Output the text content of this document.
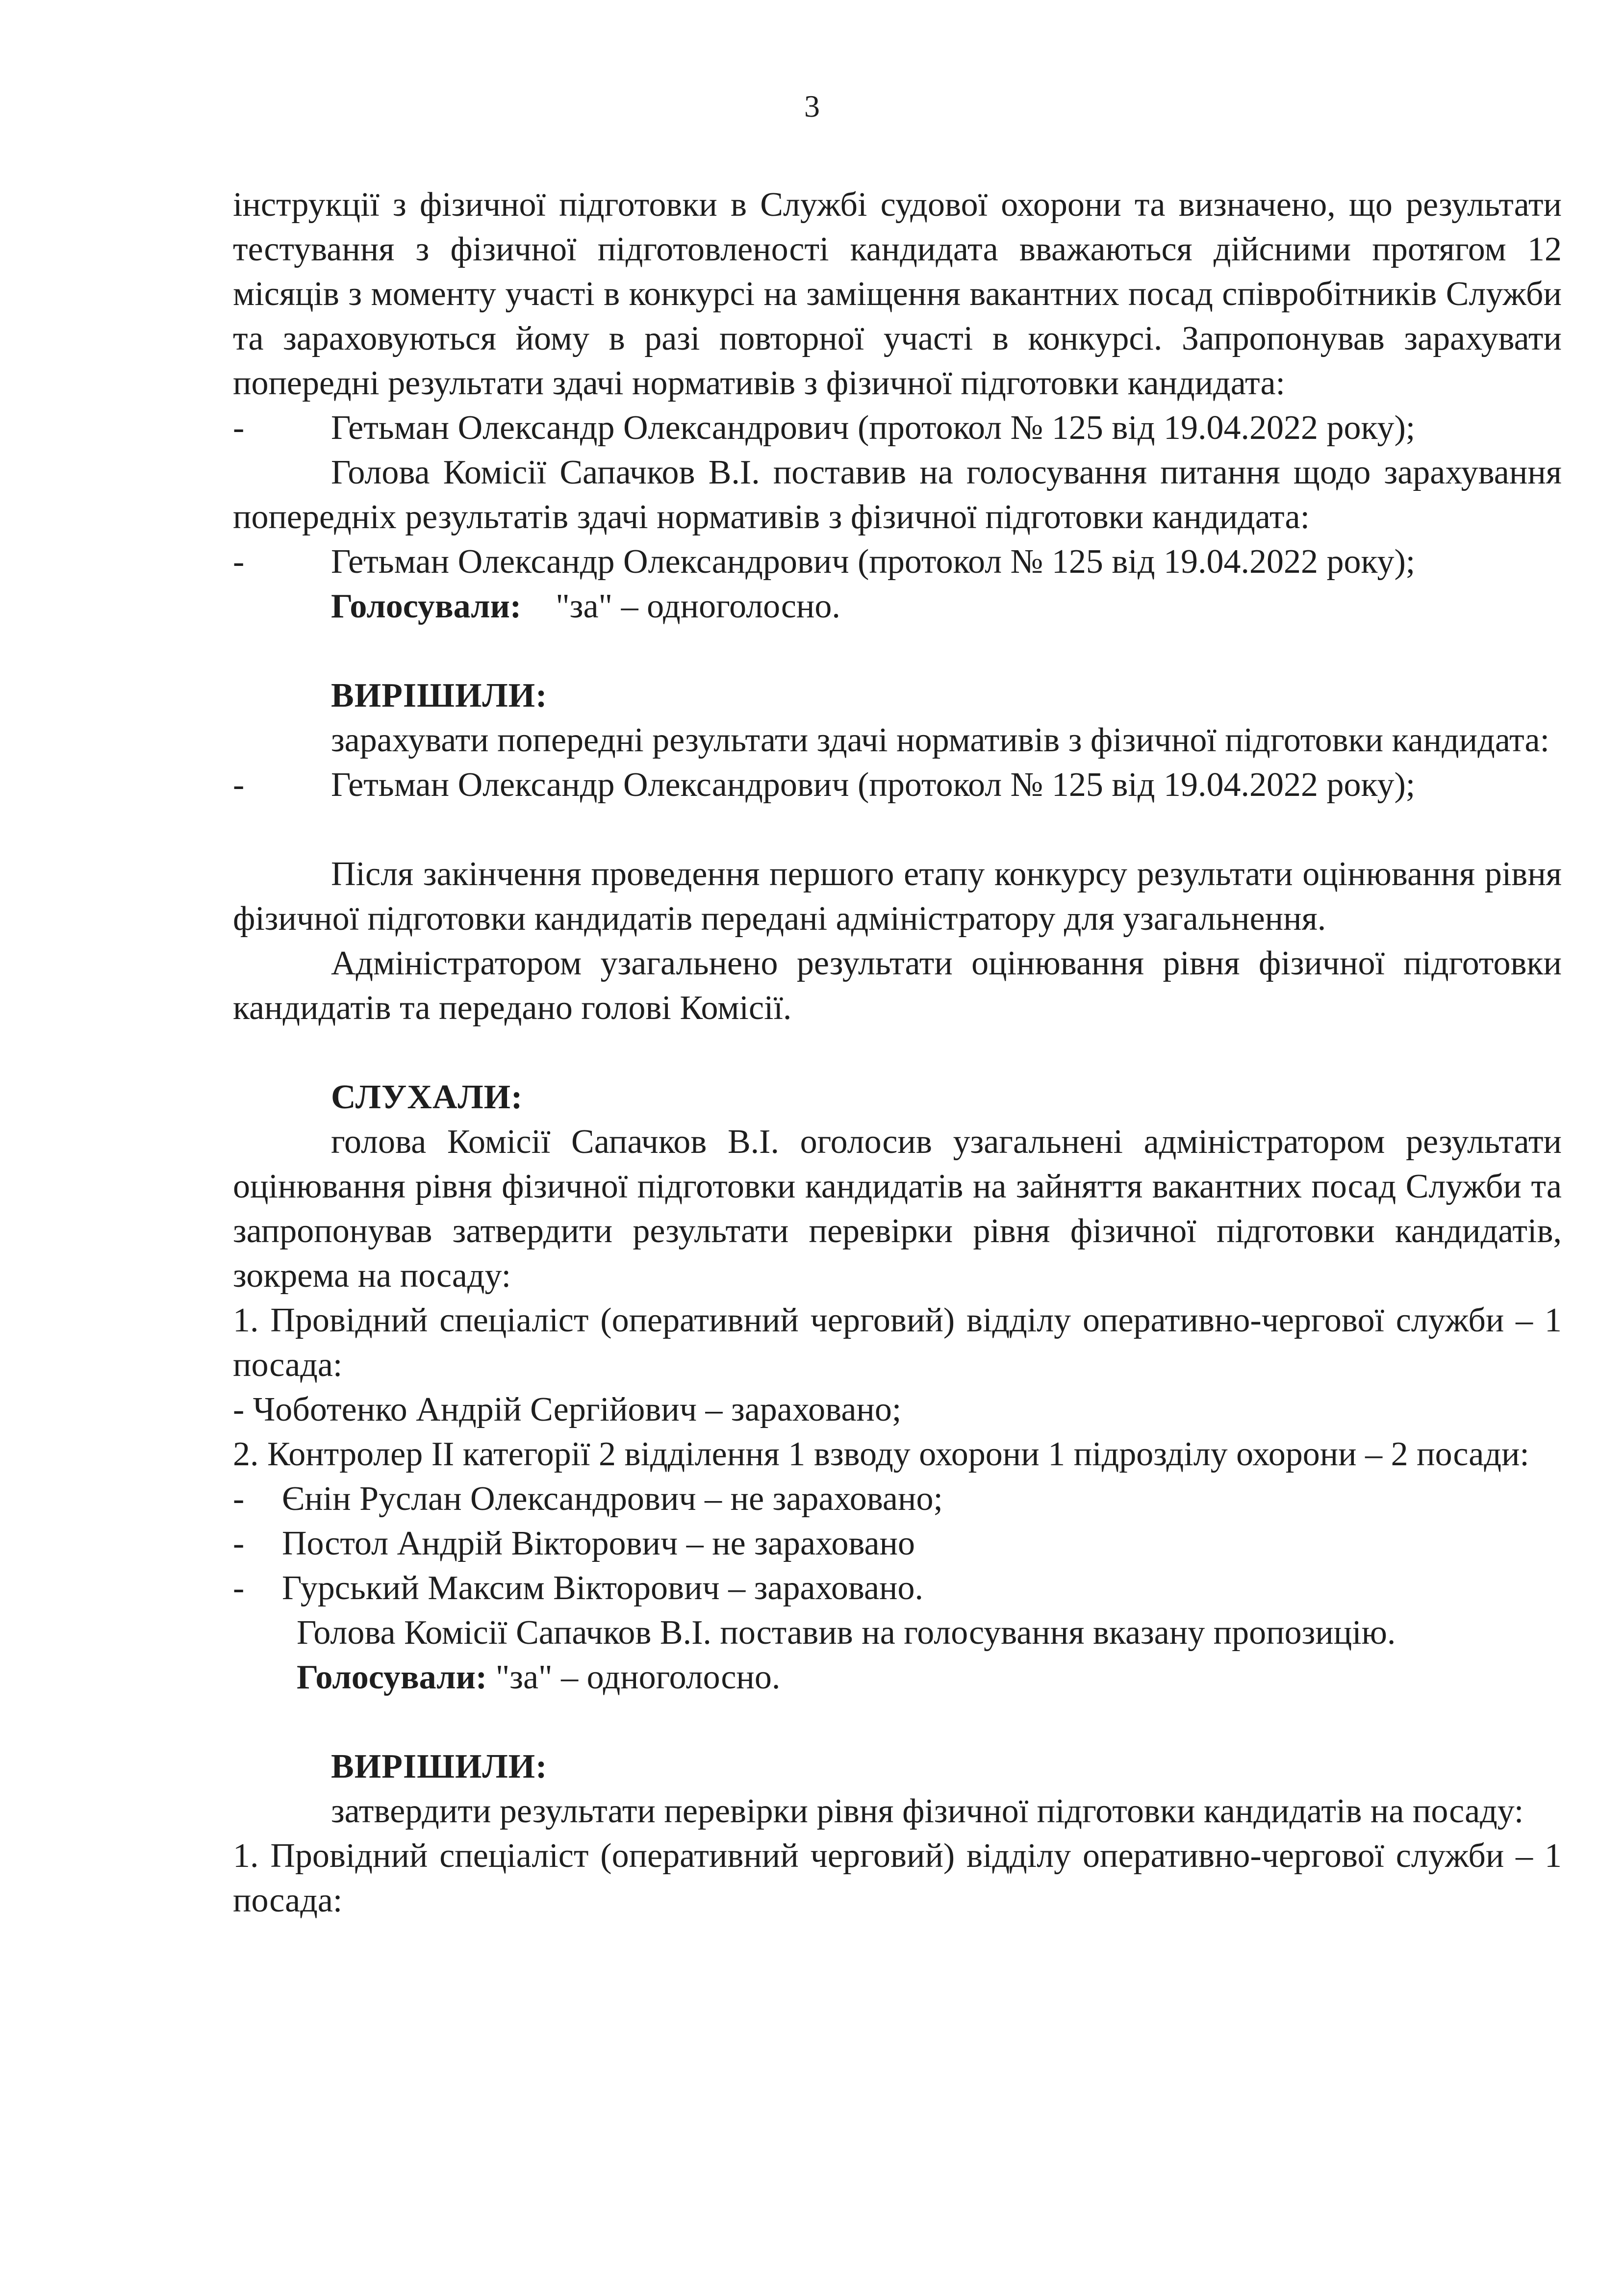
3

інструкції з фізичної підготовки в Службі судової охорони та визначено, що результати тестування з фізичної підготовленості кандидата вважаються дійсними протягом 12 місяців з моменту участі в конкурсі на заміщення вакантних посад співробітників Служби та зараховуються йому в разі повторної участі в конкурсі. Запропонував зарахувати попередні результати здачі нормативів з фізичної підготовки кандидата:

-	Гетьман Олександр Олександрович (протокол № 125 від 19.04.2022 року);

Голова Комісії Сапачков В.І. поставив на голосування питання щодо зарахування попередніх результатів здачі нормативів з фізичної підготовки кандидата:

-	Гетьман Олександр Олександрович (протокол № 125 від 19.04.2022 року);

Голосували: "за" – одноголосно.

ВИРІШИЛИ:

зарахувати попередні результати здачі нормативів з фізичної підготовки кандидата:

-	Гетьман Олександр Олександрович (протокол № 125 від 19.04.2022 року);

Після закінчення проведення першого етапу конкурсу результати оцінювання рівня фізичної підготовки кандидатів передані адміністратору для узагальнення.

Адміністратором узагальнено результати оцінювання рівня фізичної підготовки кандидатів та передано голові Комісії.

СЛУХАЛИ:

голова Комісії Сапачков В.І. оголосив узагальнені адміністратором результати оцінювання рівня фізичної підготовки кандидатів на зайняття вакантних посад Служби та запропонував затвердити результати перевірки рівня фізичної підготовки кандидатів, зокрема на посаду:

1. Провідний спеціаліст (оперативний черговий) відділу оперативно-чергової служби – 1 посада:

- Чоботенко Андрій Сергійович – зараховано;

2. Контролер ІІ категорії 2 відділення 1 взводу охорони 1 підрозділу охорони – 2 посади:

- Єнін Руслан Олександрович – не зараховано;

- Постол Андрій Вікторович – не зараховано

- Гурський Максим Вікторович – зараховано.

Голова Комісії Сапачков В.І. поставив на голосування вказану пропозицію.

Голосували: "за" – одноголосно.

ВИРІШИЛИ:

затвердити результати перевірки рівня фізичної підготовки кандидатів на посаду:

1. Провідний спеціаліст (оперативний черговий) відділу оперативно-чергової служби – 1 посада:
